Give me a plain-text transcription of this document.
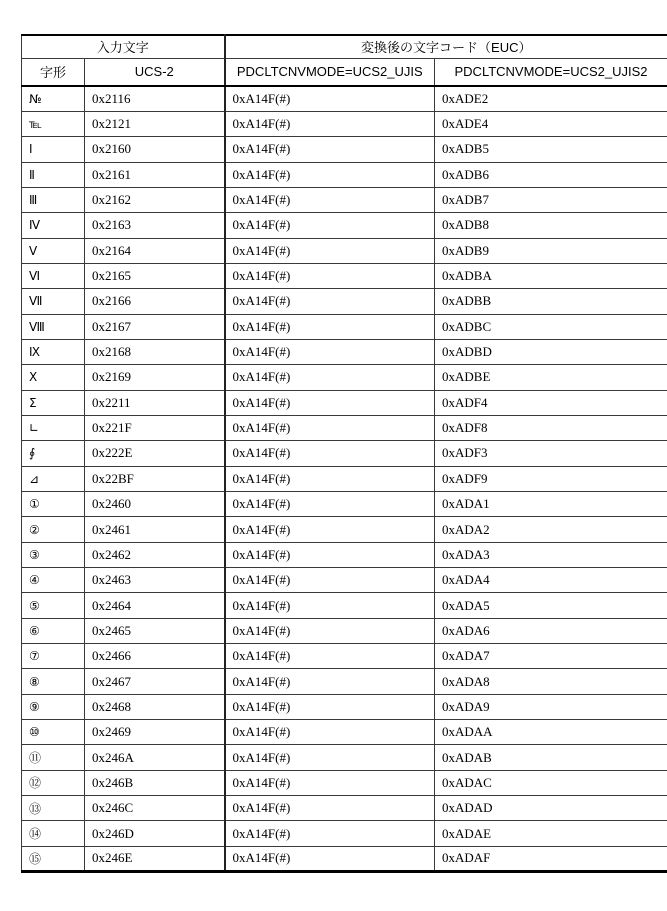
入力文字		変換後の文字コード（EUC）	
字形	UCS-2	PDCLTCNVMODE=UCS2_UJIS	PDCLTCNVMODE=UCS2_UJIS2
№	0x2116	0xA14F(#)	0xADE2
℡	0x2121	0xA14F(#)	0xADE4
Ⅰ	0x2160	0xA14F(#)	0xADB5
Ⅱ	0x2161	0xA14F(#)	0xADB6
Ⅲ	0x2162	0xA14F(#)	0xADB7
Ⅳ	0x2163	0xA14F(#)	0xADB8
Ⅴ	0x2164	0xA14F(#)	0xADB9
Ⅵ	0x2165	0xA14F(#)	0xADBA
Ⅶ	0x2166	0xA14F(#)	0xADBB
Ⅷ	0x2167	0xA14F(#)	0xADBC
Ⅸ	0x2168	0xA14F(#)	0xADBD
Ⅹ	0x2169	0xA14F(#)	0xADBE
Σ	0x2211	0xA14F(#)	0xADF4
∟	0x221F	0xA14F(#)	0xADF8
∮	0x222E	0xA14F(#)	0xADF3
⊿	0x22BF	0xA14F(#)	0xADF9
①	0x2460	0xA14F(#)	0xADA1
②	0x2461	0xA14F(#)	0xADA2
③	0x2462	0xA14F(#)	0xADA3
④	0x2463	0xA14F(#)	0xADA4
⑤	0x2464	0xA14F(#)	0xADA5
⑥	0x2465	0xA14F(#)	0xADA6
⑦	0x2466	0xA14F(#)	0xADA7
⑧	0x2467	0xA14F(#)	0xADA8
⑨	0x2468	0xA14F(#)	0xADA9
⑩	0x2469	0xA14F(#)	0xADAA
⑪	0x246A	0xA14F(#)	0xADAB
⑫	0x246B	0xA14F(#)	0xADAC
⑬	0x246C	0xA14F(#)	0xADAD
⑭	0x246D	0xA14F(#)	0xADAE
⑮	0x246E	0xA14F(#)	0xADAF
